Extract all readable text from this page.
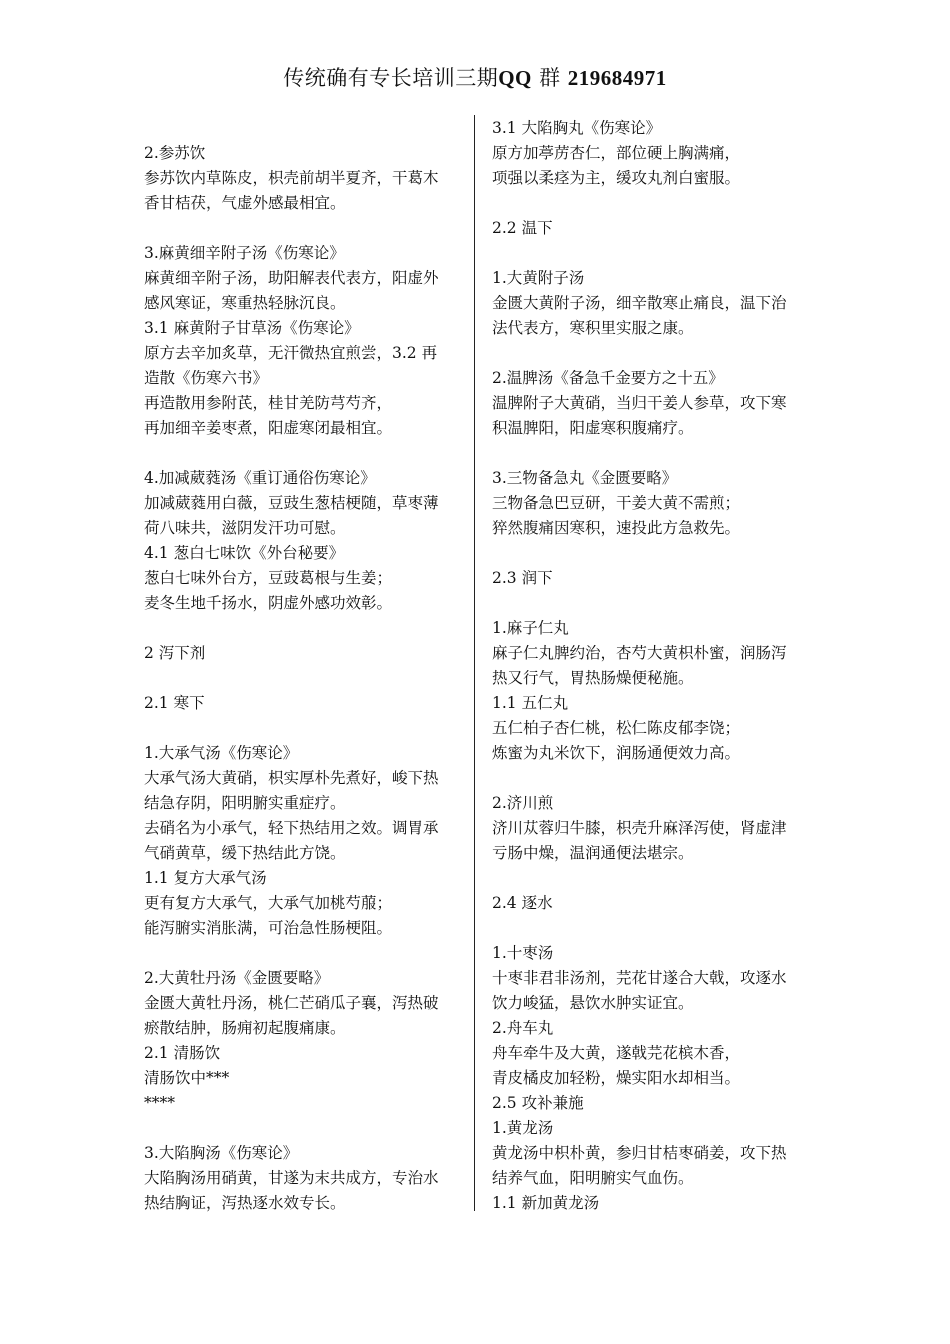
传统确有专长培训三期QQ 群 219684971
2.参苏饮
参苏饮内草陈皮，枳壳前胡半夏齐，干葛木
香甘桔茯，气虚外感最相宜。
3.麻黄细辛附子汤《伤寒论》
麻黄细辛附子汤，助阳解表代表方，阳虚外
感风寒证，寒重热轻脉沉良。
3.1 麻黄附子甘草汤《伤寒论》
原方去辛加炙草，无汗微热宜煎尝，3.2 再
造散《伤寒六书》
再造散用参附芪，桂甘羌防芎芍齐，
再加细辛姜枣煮，阳虚寒闭最相宜。
4.加减葳蕤汤《重订通俗伤寒论》
加减葳蕤用白薇，豆豉生葱桔梗随，草枣薄
荷八味共，滋阴发汗功可慰。
4.1 葱白七味饮《外台秘要》
葱白七味外台方，豆豉葛根与生姜；
麦冬生地千扬水，阴虚外感功效彰。
2 泻下剂
2.1 寒下
1.大承气汤《伤寒论》
大承气汤大黄硝，枳实厚朴先煮好，峻下热
结急存阴，阳明腑实重症疗。
去硝名为小承气，轻下热结用之效。调胃承
气硝黄草，缓下热结此方饶。
1.1 复方大承气汤
更有复方大承气，大承气加桃芍菔；
能泻腑实消胀满，可治急性肠梗阻。
2.大黄牡丹汤《金匮要略》
金匮大黄牡丹汤，桃仁芒硝瓜子襄，泻热破
瘀散结肿，肠痈初起腹痛康。
2.1 清肠饮
清肠饮中***
****
3.大陷胸汤《伤寒论》
大陷胸汤用硝黄，甘遂为末共成方，专治水
热结胸证，泻热逐水效专长。
3.1 大陷胸丸《伤寒论》
原方加葶苈杏仁，部位硬上胸满痛，
项强以柔痉为主，缓攻丸剂白蜜服。
2.2 温下
1.大黄附子汤
金匮大黄附子汤，细辛散寒止痛良，温下治
法代表方，寒积里实服之康。
2.温脾汤《备急千金要方之十五》
温脾附子大黄硝，当归干姜人参草，攻下寒
积温脾阳，阳虚寒积腹痛疗。
3.三物备急丸《金匮要略》
三物备急巴豆研，干姜大黄不需煎；
猝然腹痛因寒积，速投此方急救先。
2.3 润下
1.麻子仁丸
麻子仁丸脾约治，杏芍大黄枳朴蜜，润肠泻
热又行气，胃热肠燥便秘施。
1.1 五仁丸
五仁柏子杏仁桃，松仁陈皮郁李饶；
炼蜜为丸米饮下，润肠通便效力高。
2.济川煎
济川苁蓉归牛膝，枳壳升麻泽泻使，肾虚津
亏肠中燥，温润通便法堪宗。
2.4 逐水
1.十枣汤
十枣非君非汤剂，芫花甘遂合大戟，攻逐水
饮力峻猛，悬饮水肿实证宜。
2.舟车丸
舟车牵牛及大黄，遂戟芫花槟木香，
青皮橘皮加轻粉，燥实阳水却相当。
2.5 攻补兼施
1.黄龙汤
黄龙汤中枳朴黄，参归甘桔枣硝姜，攻下热
结养气血，阳明腑实气血伤。
1.1 新加黄龙汤
